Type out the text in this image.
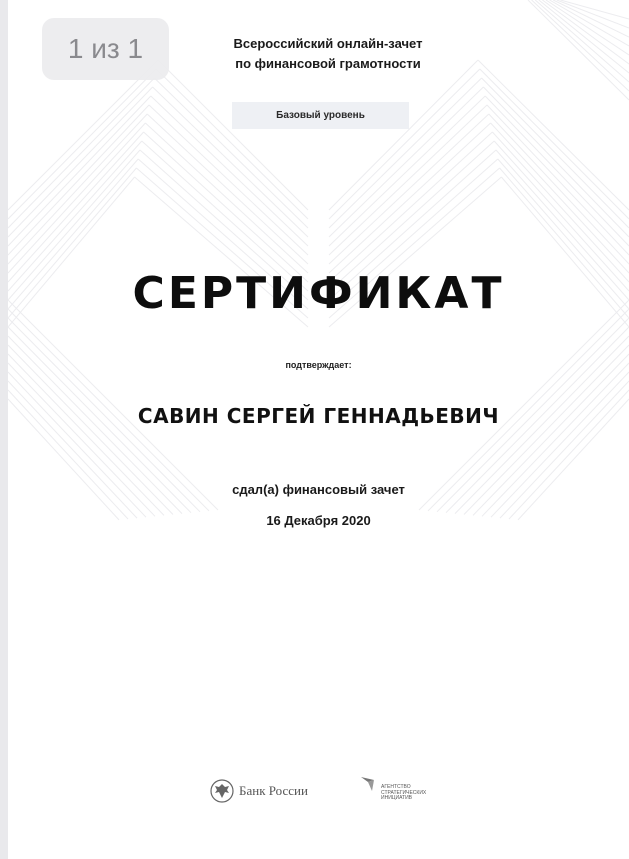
Всероссийский онлайн-зачет
по финансовой грамотности
Базовый уровень
СЕРТИФИКАТ
подтверждает:
САВИН СЕРГЕЙ ГЕННАДЬЕВИЧ
сдал(а) финансовый зачет
16 Декабря 2020
Банк России	АГЕНТСТВО
СТРАТЕГИЧЕСКИХ
ИНИЦИАТИВ
1 из 1
